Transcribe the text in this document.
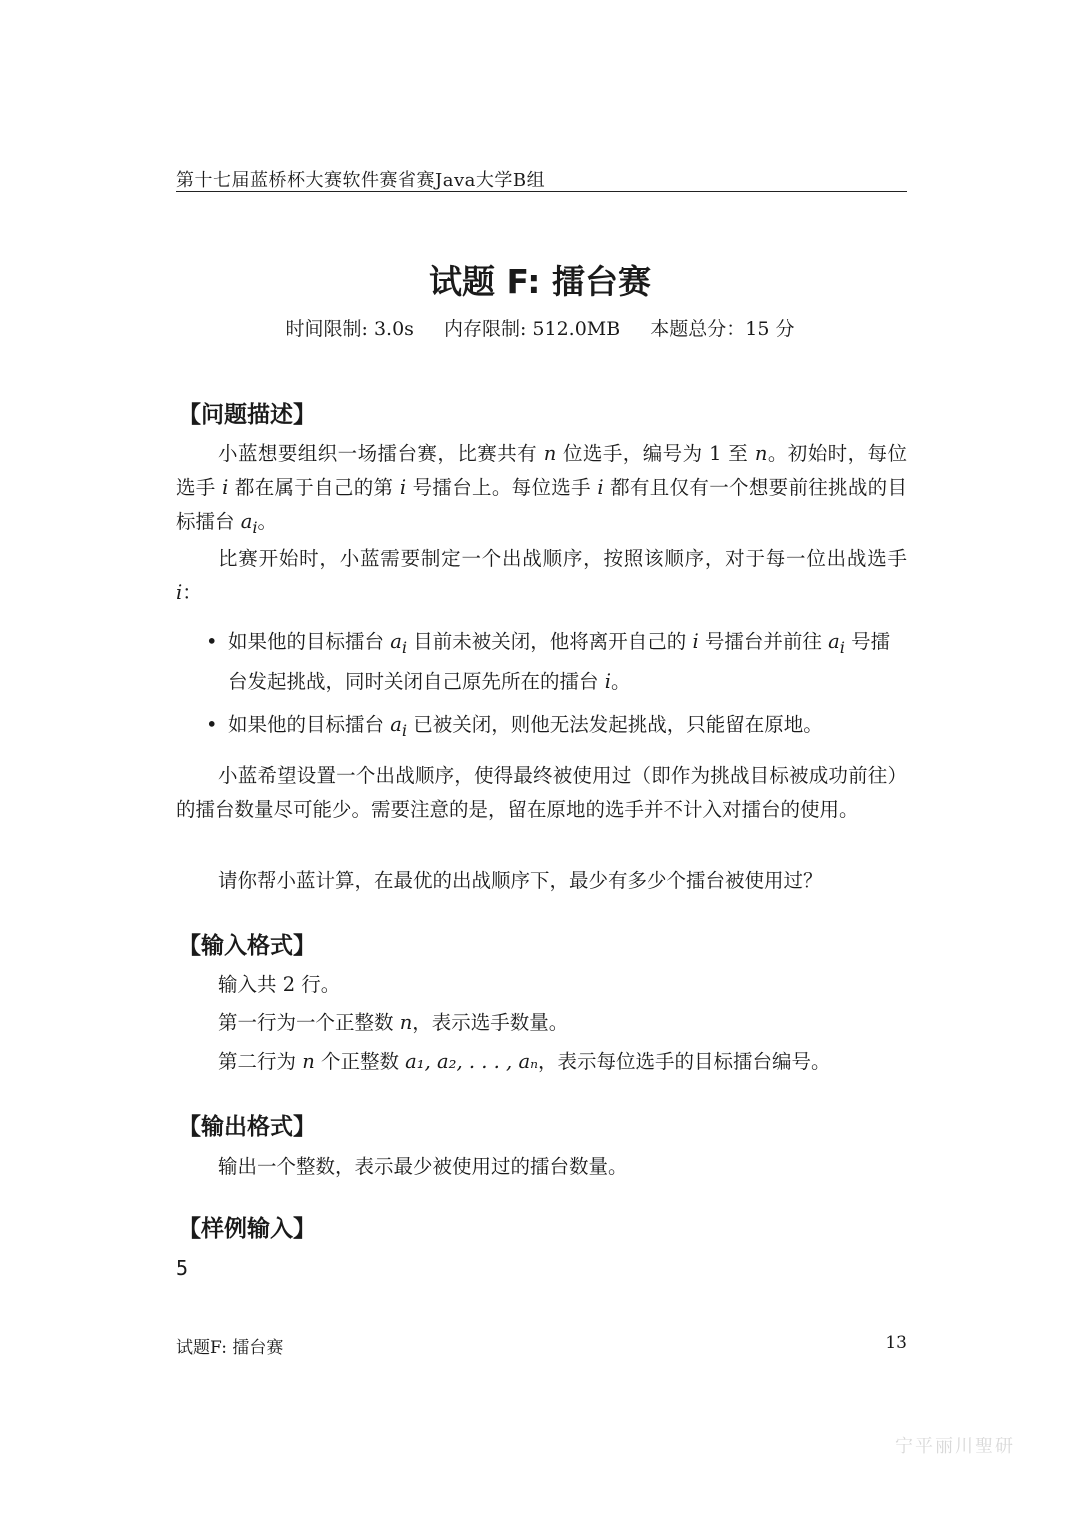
第十七届蓝桥杯大赛软件赛省赛Java大学B组
试题 F: 擂台赛
时间限制: 3.0s 内存限制: 512.0MB 本题总分：15 分
【问题描述】
小蓝想要组织一场擂台赛，比赛共有 n 位选手，编号为 1 至 n。初始时，每位选手 i 都在属于自己的第 i 号擂台上。每位选手 i 都有且仅有一个想要前往挑战的目标擂台 $a_i$。
比赛开始时，小蓝需要制定一个出战顺序，按照该顺序，对于每一位出战选手 i：
• 如果他的目标擂台 $a_i$ 目前未被关闭，他将离开自己的 i 号擂台并前往 $a_i$ 号擂台发起挑战，同时关闭自己原先所在的擂台 i。
• 如果他的目标擂台 $a_i$ 已被关闭，则他无法发起挑战，只能留在原地。
小蓝希望设置一个出战顺序，使得最终被使用过（即作为挑战目标被成功前往）的擂台数量尽可能少。需要注意的是，留在原地的选手并不计入对擂台的使用。
请你帮小蓝计算，在最优的出战顺序下，最少有多少个擂台被使用过？
【输入格式】
输入共 2 行。
第一行为一个正整数 n，表示选手数量。
第二行为 n 个正整数 a₁, a₂, . . . , aₙ，表示每位选手的目标擂台编号。
【输出格式】
输出一个整数，表示最少被使用过的擂台数量。
【样例输入】
5
试题F: 擂台赛	13
宁平丽川聖研
